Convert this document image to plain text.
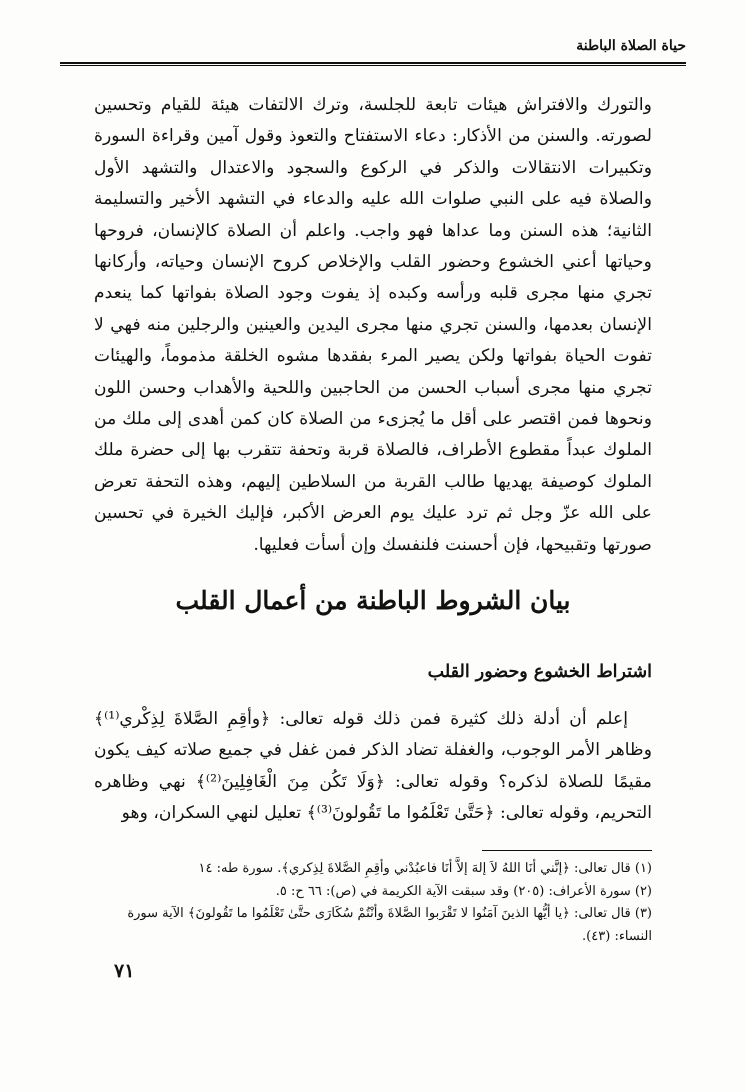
حياة الصلاة الباطنة

والتورك والافتراش هيئات تابعة للجلسة، وترك الالتفات هيئة للقيام وتحسين لصورته. والسنن من الأذكار: دعاء الاستفتاح والتعوذ وقول آمين وقراءة السورة وتكبيرات الانتقالات والذكر في الركوع والسجود والاعتدال والتشهد الأول والصلاة فيه على النبي صلوات الله عليه والدعاء في التشهد الأخير والتسليمة الثانية؛ هذه السنن وما عداها فهو واجب. واعلم أن الصلاة كالإنسان، فروحها وحياتها أعني الخشوع وحضور القلب والإخلاص كروح الإنسان وحياته، وأركانها تجري منها مجرى قلبه ورأسه وكبده إذ يفوت وجود الصلاة بفواتها كما ينعدم الإنسان بعدمها، والسنن تجري منها مجرى اليدين والعينين والرجلين منه فهي لا تفوت الحياة بفواتها ولكن يصير المرء بفقدها مشوه الخلقة مذموماً، والهيئات تجري منها مجرى أسباب الحسن من الحاجبين واللحية والأهداب وحسن اللون ونحوها فمن اقتصر على أقل ما يُجزىء من الصلاة كان كمن أهدى إلى ملك من الملوك عبداً مقطوع الأطراف، فالصلاة قربة وتحفة تتقرب بها إلى حضرة ملك الملوك كوصيفة يهديها طالب القربة من السلاطين إليهم، وهذه التحفة تعرض على الله عزّ وجل ثم ترد عليك يوم العرض الأكبر، فإليك الخيرة في تحسين صورتها وتقبيحها، فإن أحسنت فلنفسك وإن أسأت فعليها.

بيان الشروط الباطنة من أعمال القلب
اشتراط الخشوع وحضور القلب

إعلم أن أدلة ذلك كثيرة فمن ذلك قوله تعالى: ﴿وأقِمِ الصَّلاةَ لِذِكْري⁽¹⁾﴾ وظاهر الأمر الوجوب، والغفلة تضاد الذكر فمن غفل في جميع صلاته كيف يكون مقيمًا للصلاة لذكره؟ وقوله تعالى: ﴿وَلَا تَكُن مِنَ الْغَافِلِينَ⁽²⁾﴾ نهي وظاهره التحريم، وقوله تعالى: ﴿حَتَّىٰ تَعْلَمُوا ما تَقُولونَ⁽³⁾﴾ تعليل لنهي السكران، وهو

(١) قال تعالى: ﴿إنَّني أنَا اللهُ لاَ إلهَ إلاَّ أنَا فاعبُدْني وأقِمِ الصَّلاةَ لِذِكري﴾. سورة طه: ١٤

(٢) سورة الأعراف: (٢٠٥) وقد سبقت الآية الكريمة في (ص): ٦٦ ح: ٥.

(٣) قال تعالى: ﴿يا أيُّها الذينَ آمَنُوا لا تَقْرَبوا الصَّلاةَ وأنْتُمْ سُكَارَى حتَّىٰ تَعْلَمُوا ما تَقُولونَ﴾ الآية سورة النساء: (٤٣).

٧١
